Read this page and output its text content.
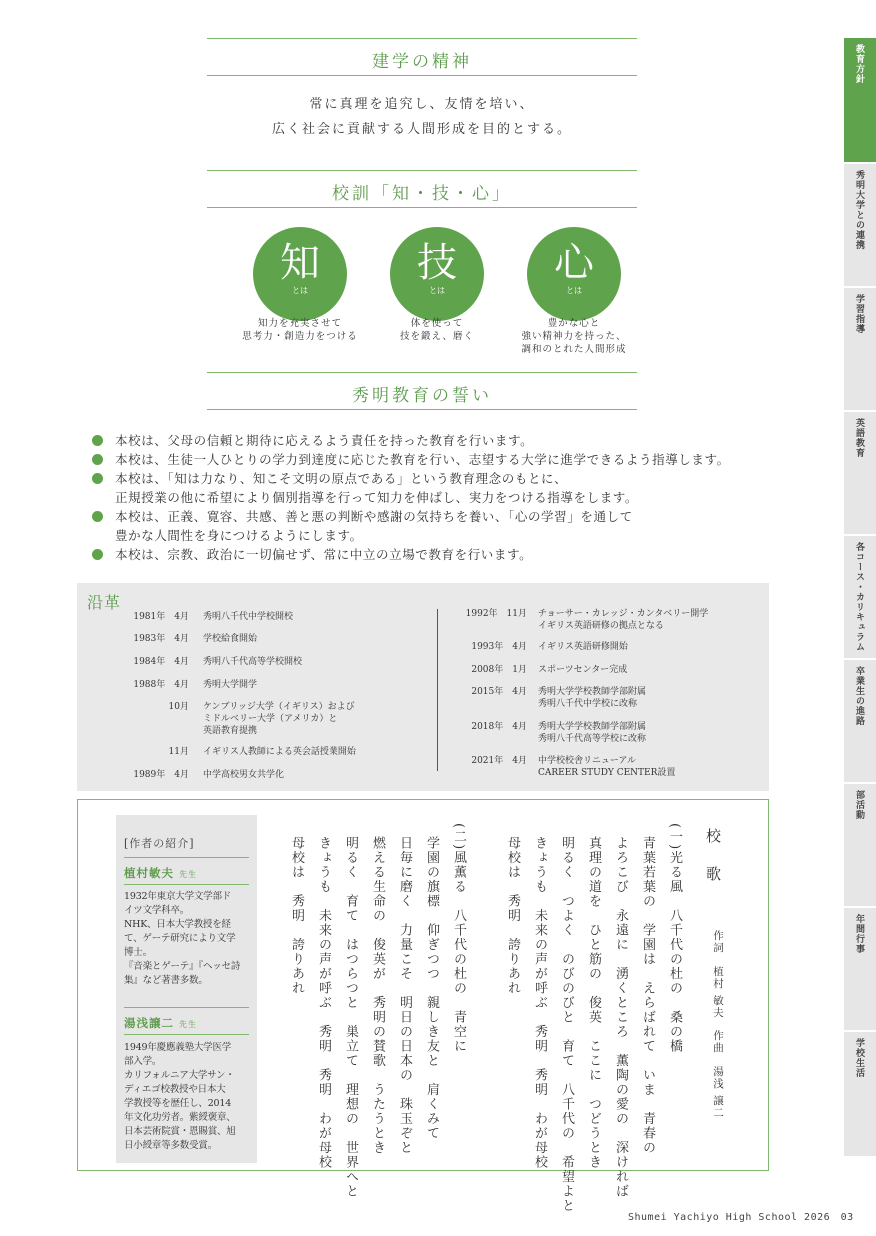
建学の精神
常に真理を追究し、友情を培い、
広く社会に貢献する人間形成を目的とする。
校訓「知・技・心」
知
とは
知力を充実させて
思考力・創造力をつける
技
とは
体を使って
技を鍛え、磨く
心
とは
豊かな心と
強い精神力を持った、
調和のとれた人間形成
秀明教育の誓い
本校は、父母の信頼と期待に応えるよう責任を持った教育を行います。
本校は、生徒一人ひとりの学力到達度に応じた教育を行い、志望する大学に進学できるよう指導します。
本校は、「知は力なり、知こそ文明の原点である」という教育理念のもとに、
正規授業の他に希望により個別指導を行って知力を伸ばし、実力をつける指導をします。
本校は、正義、寛容、共感、善と悪の判断や感謝の気持ちを養い、「心の学習」を通して
豊かな人間性を身につけるようにします。
本校は、宗教、政治に一切偏せず、常に中立の立場で教育を行います。
沿革
1981年　4月 秀明八千代中学校開校
1983年　4月 学校給食開始
1984年　4月 秀明八千代高等学校開校
1988年　4月 秀明大学開学
10月 ケンブリッジ大学（イギリス）および
ミドルベリー大学（アメリカ）と
英語教育提携
11月 イギリス人教師による英会話授業開始
1989年　4月 中学高校男女共学化
1992年　11月 チョーサー・カレッジ・カンタベリー開学
イギリス英語研修の拠点となる
1993年　4月 イギリス英語研修開始
2008年　1月 スポーツセンター完成
2015年　4月 秀明大学学校教師学部附属
秀明八千代中学校に改称
2018年　4月 秀明大学学校教師学部附属
秀明八千代高等学校に改称
2021年　4月 中学校校舎リニューアル
CAREER STUDY CENTER設置
[作者の紹介]
植村敏夫 先生
1932年東京大学文学部ド
イツ文学科卒。
NHK、日本大学教授を経
て、ゲーテ研究により文学
博士。
『音楽とゲーテ』『ヘッセ詩
集』など著書多数。
湯浅譲二 先生
1949年慶應義塾大学医学
部入学。
カリフォルニア大学サン・
ディエゴ校教授や日本大
学教授等を歴任し、2014
年文化功労者。紫綬褒章、
日本芸術院賞・恩賜賞、旭
日小綬章等多数受賞。
校　歌
作詞　植村 敏夫
作曲　湯浅 譲二
(一)光る風　八千代の杜の　桑の橋
青葉若葉の　学園は　えらばれて　いま　青春の
よろこび　永遠に　湧くところ　薫陶の愛の　深ければ
真理の道を　ひと筋の　俊英　ここに　つどうとき
明るく　つよく　のびのびと　育て　八千代の　希望よと
きょうも　未来の声が呼ぶ　秀明　秀明　わが母校
母校は　秀明　誇りあれ
(二)風薫る　八千代の杜の　青空に
学園の旗標　仰ぎつつ　親しき友と　肩くみて
日毎に磨く　力量こそ　明日の日本の　珠玉ぞと
燃える生命の　俊英が　秀明の賛歌　うたうとき
明るく　育て　はつらつと　巣立て　理想の　世界へと
きょうも　未来の声が呼ぶ　秀明　秀明　わが母校
母校は　秀明　誇りあれ
教育方針
秀明大学との連携
学習指導
英語教育
各コース・カリキュラム
卒業生の進路
部活動
年間行事
学校生活
Shumei Yachiyo High School 2026　03
